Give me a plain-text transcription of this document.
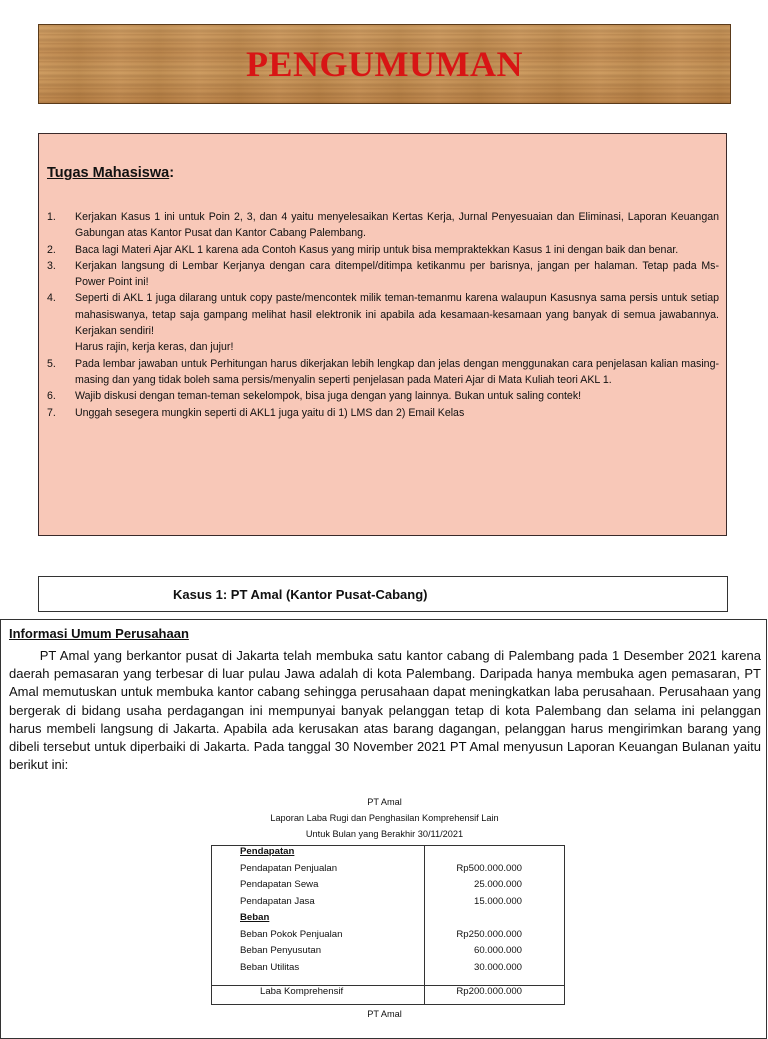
PENGUMUMAN
Tugas Mahasiswa:
1.	Kerjakan Kasus 1 ini untuk Poin 2, 3, dan 4 yaitu menyelesaikan Kertas Kerja, Jurnal Penyesuaian dan Eliminasi, Laporan Keuangan Gabungan atas Kantor Pusat dan Kantor Cabang Palembang.
2.	Baca lagi Materi Ajar AKL 1 karena ada Contoh Kasus yang mirip untuk bisa mempraktekkan Kasus 1 ini dengan baik dan benar.
3.	Kerjakan langsung di Lembar Kerjanya dengan cara ditempel/ditimpa ketikanmu per barisnya, jangan per halaman. Tetap pada Ms-Power Point ini!
4.	Seperti di AKL 1 juga dilarang untuk copy paste/mencontek milik teman-temanmu karena walaupun Kasusnya sama persis untuk setiap mahasiswanya, tetap saja gampang melihat hasil elektronik ini apabila ada kesamaan-kesamaan yang banyak di semua jawabannya. Kerjakan sendiri!
Harus rajin, kerja keras, dan jujur!
5.	Pada lembar jawaban untuk Perhitungan harus dikerjakan lebih lengkap dan jelas dengan menggunakan cara penjelasan kalian masing-masing dan yang tidak boleh sama persis/menyalin seperti penjelasan pada Materi Ajar di Mata Kuliah teori AKL 1.
6.	Wajib diskusi dengan teman-teman sekelompok, bisa juga dengan yang lainnya. Bukan untuk saling contek!
7.	Unggah sesegera mungkin seperti di AKL1 juga yaitu di 1) LMS dan 2) Email Kelas
Kasus 1: PT Amal (Kantor Pusat-Cabang)
Informasi Umum Perusahaan
PT Amal yang berkantor pusat di Jakarta telah membuka satu kantor cabang di Palembang pada 1 Desember 2021 karena daerah pemasaran yang terbesar di luar pulau Jawa adalah di kota Palembang. Daripada hanya membuka agen pemasaran, PT Amal memutuskan untuk membuka kantor cabang sehingga perusahaan dapat meningkatkan laba perusahaan. Perusahaan yang bergerak di bidang usaha perdagangan ini mempunyai banyak pelanggan tetap di kota Palembang dan selama ini pelanggan harus membeli langsung di Jakarta. Apabila ada kerusakan atas barang dagangan, pelanggan harus mengirimkan barang yang dibeli tersebut untuk diperbaiki di Jakarta. Pada tanggal 30 November 2021 PT Amal menyusun Laporan Keuangan Bulanan yaitu berikut ini:
PT Amal
Laporan Laba Rugi dan Penghasilan Komprehensif Lain
Untuk Bulan yang Berakhir 30/11/2021
Pendapatan
Pendapatan Penjualan	Rp500.000.000
Pendapatan Sewa	25.000.000
Pendapatan Jasa	15.000.000
Beban
Beban Pokok Penjualan	Rp250.000.000
Beban Penyusutan	60.000.000
Beban Utilitas	30.000.000
Laba Komprehensif	Rp200.000.000
PT Amal
